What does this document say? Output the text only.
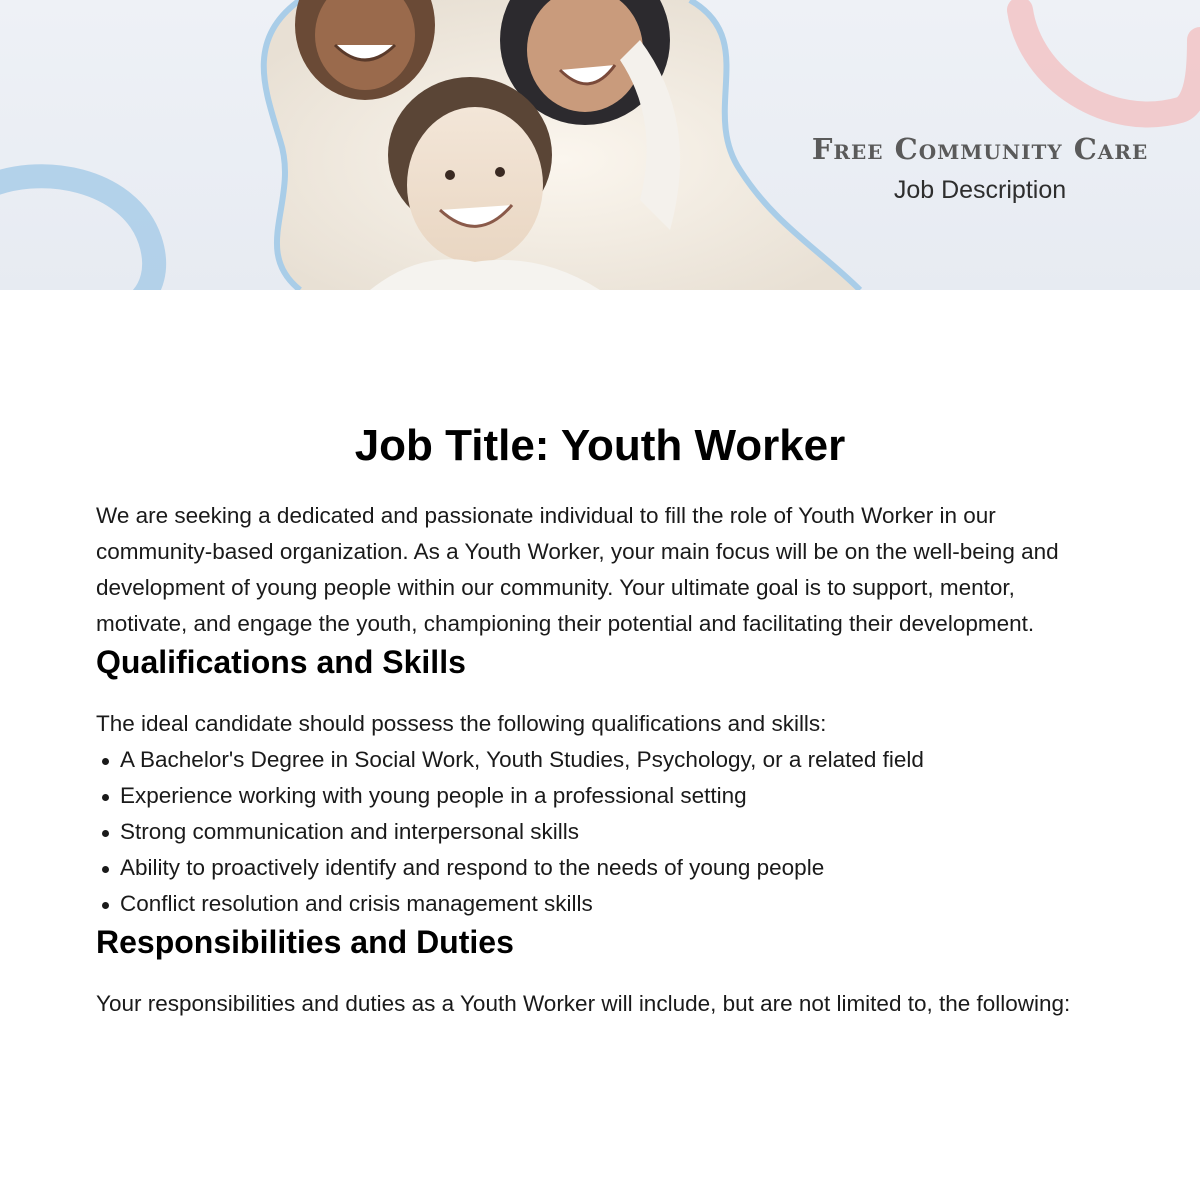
Free Community Care
Job Description
Job Title: Youth Worker

We are seeking a dedicated and passionate individual to fill the role of Youth Worker in our community-based organization. As a Youth Worker, your main focus will be on the well-being and development of young people within our community. Your ultimate goal is to support, mentor, motivate, and engage the youth, championing their potential and facilitating their development.

Qualifications and Skills

The ideal candidate should possess the following qualifications and skills:

A Bachelor's Degree in Social Work, Youth Studies, Psychology, or a related field
Experience working with young people in a professional setting
Strong communication and interpersonal skills
Ability to proactively identify and respond to the needs of young people
Conflict resolution and crisis management skills
Responsibilities and Duties

Your responsibilities and duties as a Youth Worker will include, but are not limited to, the following:
